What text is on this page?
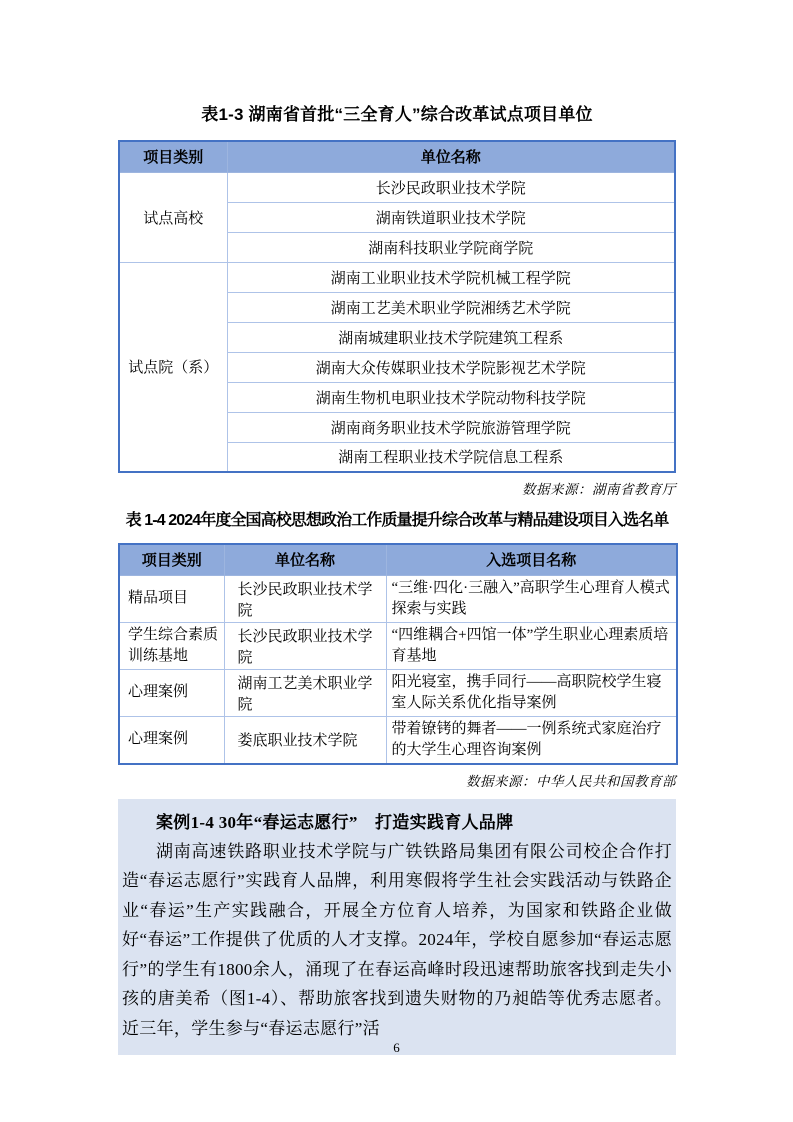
表1-3 湖南省首批“三全育人”综合改革试点项目单位
项目类别	单位名称
试点高校	长沙民政职业技术学院
	湖南铁道职业技术学院
	湖南科技职业学院商学院
试点院（系）	湖南工业职业技术学院机械工程学院
	湖南工艺美术职业学院湘绣艺术学院
	湖南城建职业技术学院建筑工程系
	湖南大众传媒职业技术学院影视艺术学院
	湖南生物机电职业技术学院动物科技学院
	湖南商务职业技术学院旅游管理学院
	湖南工程职业技术学院信息工程系
数据来源：湖南省教育厅
表 1-4 2024年度全国高校思想政治工作质量提升综合改革与精品建设项目入选名单
项目类别	单位名称	入选项目名称
精品项目	长沙民政职业技术学院	“三维·四化·三融入”高职学生心理育人模式探索与实践
学生综合素质训练基地	长沙民政职业技术学院	“四维耦合+四馆一体”学生职业心理素质培育基地
心理案例	湖南工艺美术职业学院	阳光寝室，携手同行——高职院校学生寝室人际关系优化指导案例
心理案例	娄底职业技术学院	带着镣铐的舞者——一例系统式家庭治疗的大学生心理咨询案例
数据来源：中华人民共和国教育部
案例1-4 30年“春运志愿行”　打造实践育人品牌
湖南高速铁路职业技术学院与广铁铁路局集团有限公司校企合作打造“春运志愿行”实践育人品牌，利用寒假将学生社会实践活动与铁路企业“春运”生产实践融合，开展全方位育人培养，为国家和铁路企业做好“春运”工作提供了优质的人才支撑。2024年，学校自愿参加“春运志愿行”的学生有1800余人，涌现了在春运高峰时段迅速帮助旅客找到走失小孩的唐美希（图1-4）、帮助旅客找到遗失财物的乃昶皓等优秀志愿者。近三年，学生参与“春运志愿行”活
6
